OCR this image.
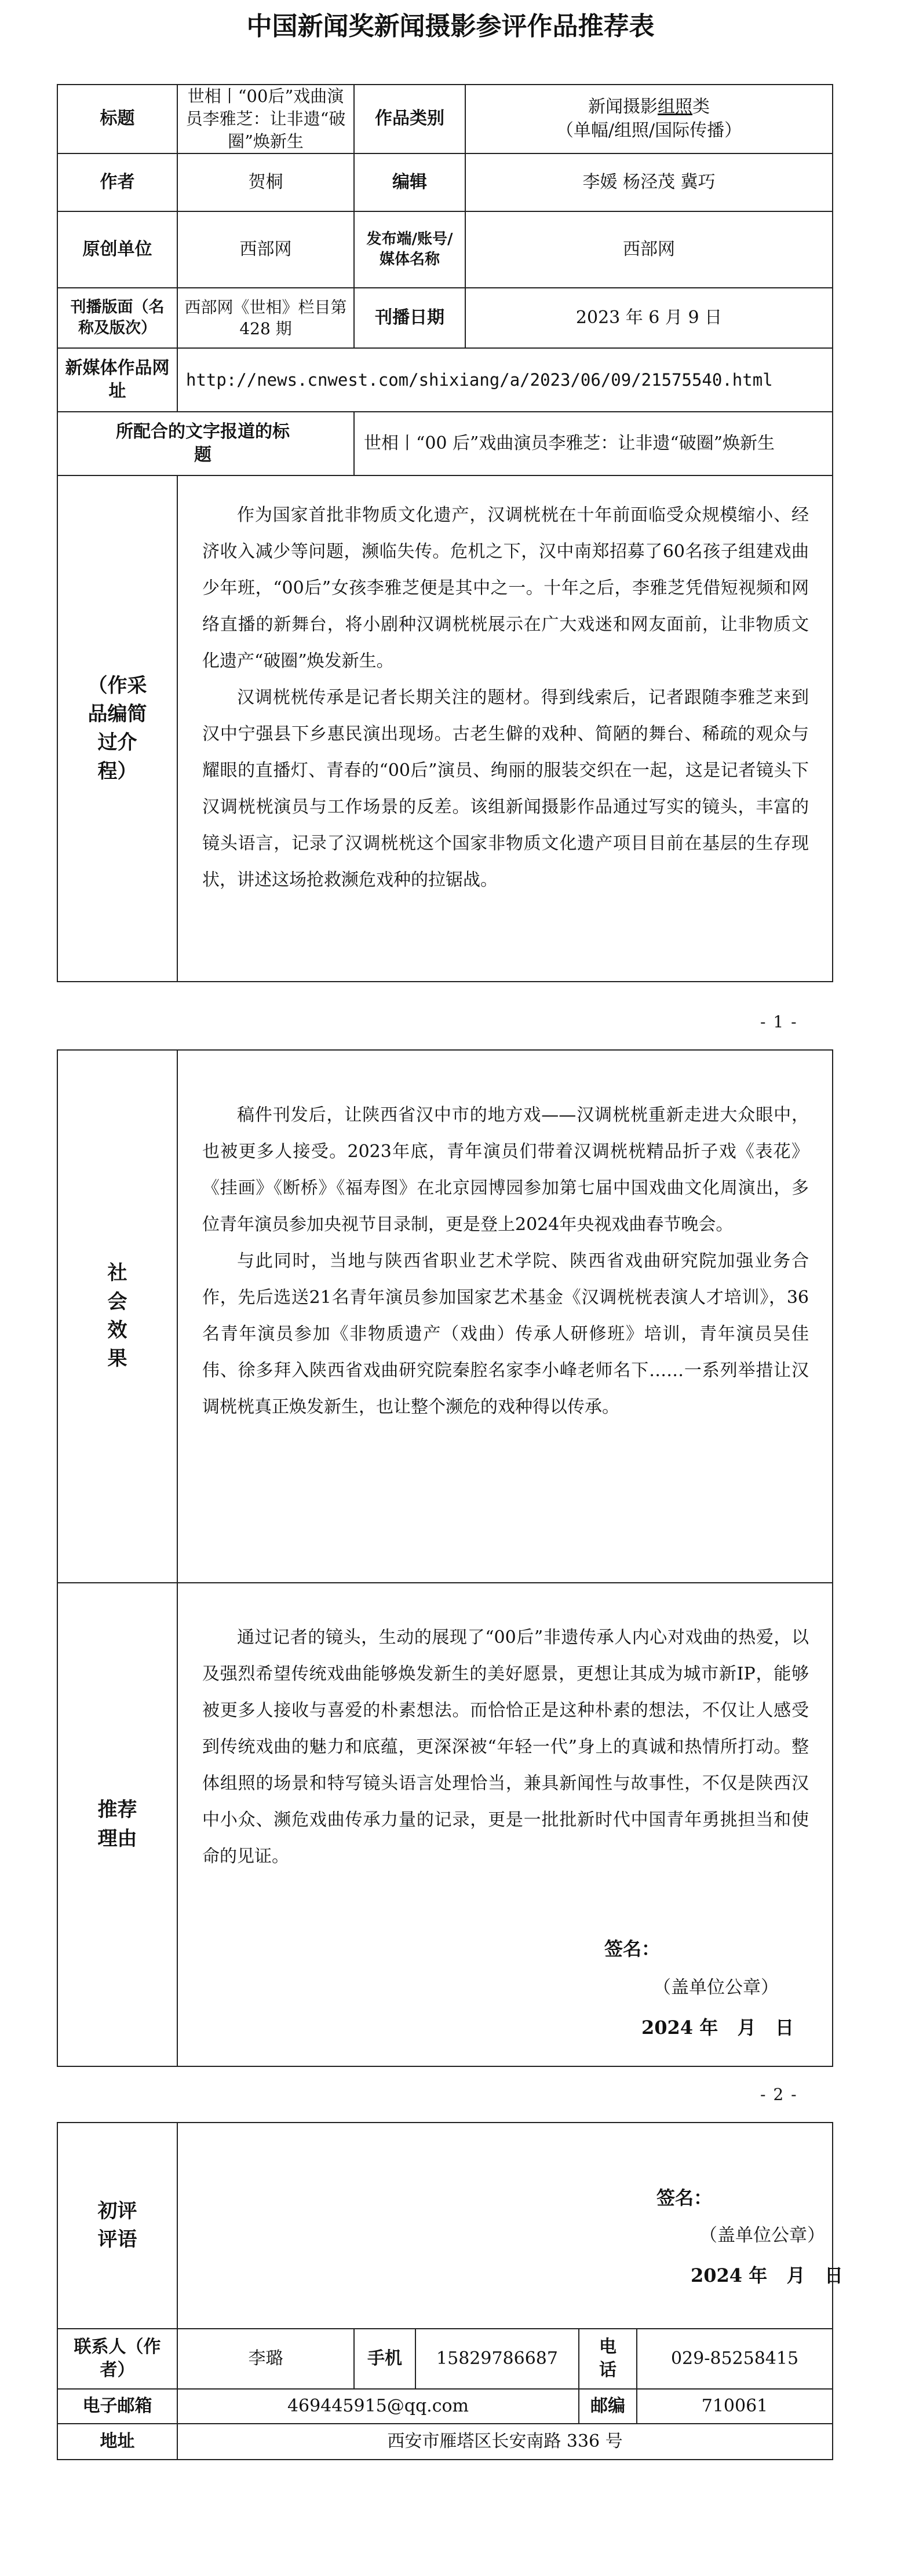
中国新闻奖新闻摄影参评作品推荐表
标题	世相丨“00后”戏曲演员李雅芝：让非遗“破圈”焕新生	作品类别	新闻摄影组照类
（单幅/组照/国际传播）

作者	贺桐	编辑	李媛 杨泾茂 冀巧
原创单位	西部网	发布端/账号/媒体名称	西部网
刊播版面（名称及版次）	西部网《世相》栏目第 428 期	刊播日期	2023 年 6 月 9 日
新媒体作品网址	http://news.cnwest.com/shixiang/a/2023/06/09/21575540.html		

所配合的文字报道的标题		世相丨“00 后”戏曲演员李雅芝：让非遗“破圈”焕新生	

（作采品编简过介程）	作为国家首批非物质文化遗产，汉调桄桄在十年前面临受众规模缩小、经济收入减少等问题，濒临失传。危机之下，汉中南郑招募了60名孩子组建戏曲少年班，“00后”女孩李雅芝便是其中之一。十年之后，李雅芝凭借短视频和网络直播的新舞台，将小剧种汉调桄桄展示在广大戏迷和网友面前，让非物质文化遗产“破圈”焕发新生。

汉调桄桄传承是记者长期关注的题材。得到线索后，记者跟随李雅芝来到汉中宁强县下乡惠民演出现场。古老生僻的戏种、简陋的舞台、稀疏的观众与耀眼的直播灯、青春的“00后”演员、绚丽的服装交织在一起，这是记者镜头下汉调桄桄演员与工作场景的反差。该组新闻摄影作品通过写实的镜头，丰富的镜头语言，记录了汉调桄桄这个国家非物质文化遗产项目目前在基层的生存现状，讲述这场抢救濒危戏种的拉锯战。		

- 1 -
社会效果	稿件刊发后，让陕西省汉中市的地方戏——汉调桄桄重新走进大众眼中，也被更多人接受。2023年底，青年演员们带着汉调桄桄精品折子戏《表花》《挂画》《断桥》《福寿图》在北京园博园参加第七届中国戏曲文化周演出，多位青年演员参加央视节目录制，更是登上2024年央视戏曲春节晚会。

与此同时，当地与陕西省职业艺术学院、陕西省戏曲研究院加强业务合作，先后选送21名青年演员参加国家艺术基金《汉调桄桄表演人才培训》，36名青年演员参加《非物质遗产（戏曲）传承人研修班》培训，青年演员吴佳伟、徐多拜入陕西省戏曲研究院秦腔名家李小峰老师名下……一系列举措让汉调桄桄真正焕发新生，也让整个濒危的戏种得以传承。

推荐理由	通过记者的镜头，生动的展现了“00后”非遗传承人内心对戏曲的热爱，以及强烈希望传统戏曲能够焕发新生的美好愿景，更想让其成为城市新IP，能够被更多人接收与喜爱的朴素想法。而恰恰正是这种朴素的想法，不仅让人感受到传统戏曲的魅力和底蕴，更深深被“年轻一代”身上的真诚和热情所打动。整体组照的场景和特写镜头语言处理恰当，兼具新闻性与故事性，不仅是陕西汉中小众、濒危戏曲传承力量的记录，更是一批批新时代中国青年勇挑担当和使命的见证。

签名：
（盖单位公章）
2024 年   月   日
- 2 -
初评评语	签名：
（盖单位公章）
2024 年   月   日				

联系人（作者）	李璐	手机	15829786687	电话	029-85258415
电子邮箱	469445915@qq.com			邮编	710061
地址	西安市雁塔区长安南路 336 号				
